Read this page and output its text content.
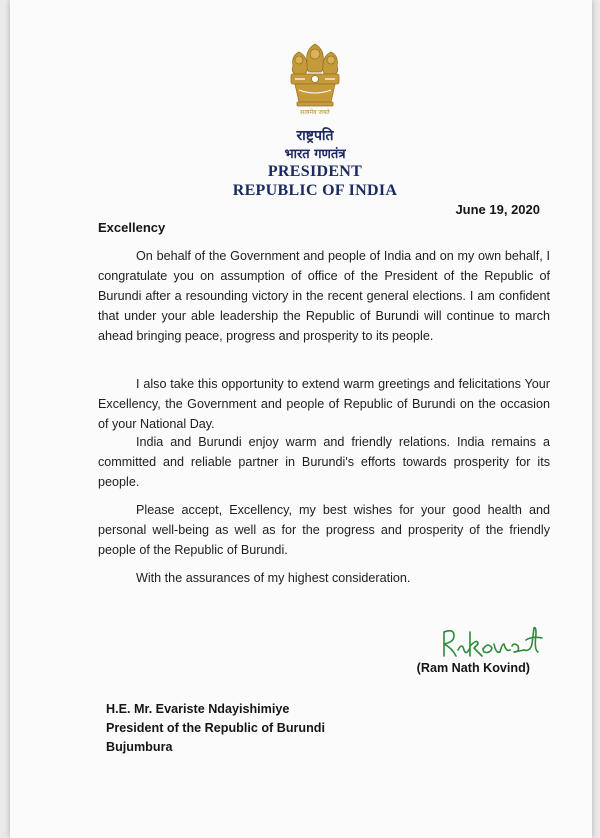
सत्यमेव जयते
राष्ट्रपति
भारत गणतंत्र
PRESIDENT
REPUBLIC OF INDIA
June 19, 2020
Excellency

On behalf of the Government and people of India and on my own behalf, I congratulate you on assumption of office of the President of the Republic of Burundi after a resounding victory in the recent general elections. I am confident that under your able leadership the Republic of Burundi will continue to march ahead bringing peace, progress and prosperity to its people.

I also take this opportunity to extend warm greetings and felicitations Your Excellency, the Government and people of Republic of Burundi on the occasion of your National Day.

India and Burundi enjoy warm and friendly relations. India remains a committed and reliable partner in Burundi's efforts towards prosperity for its people.

Please accept, Excellency, my best wishes for your good health and personal well-being as well as for the progress and prosperity of the friendly people of the Republic of Burundi.

With the assurances of my highest consideration.

(Ram Nath Kovind)
H.E. Mr. Evariste Ndayishimiye
President of the Republic of Burundi
Bujumbura
